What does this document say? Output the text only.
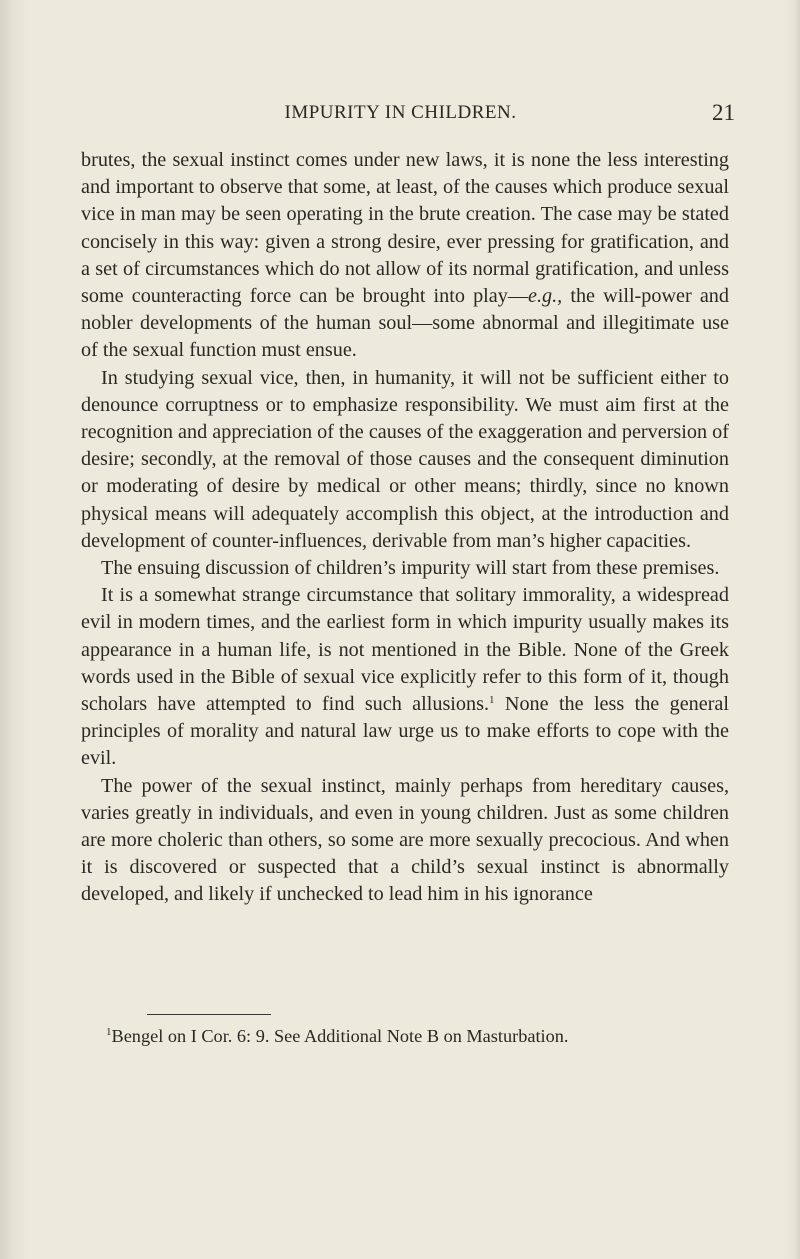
IMPURITY IN CHILDREN.	21

brutes, the sexual instinct comes under new laws, it is none the less interesting and important to observe that some, at least, of the causes which produce sexual vice in man may be seen operating in the brute creation. The case may be stated concisely in this way: given a strong desire, ever pressing for gratification, and a set of circumstances which do not allow of its normal gratification, and unless some counteracting force can be brought into play—e.g., the will-power and nobler developments of the human soul—some abnormal and illegitimate use of the sexual function must ensue.

In studying sexual vice, then, in humanity, it will not be sufficient either to denounce corruptness or to emphasize responsibility. We must aim first at the recognition and appreciation of the causes of the exaggeration and perversion of desire; secondly, at the removal of those causes and the consequent diminution or moderating of desire by medical or other means; thirdly, since no known physical means will adequately accomplish this object, at the introduction and development of counter-influences, derivable from man’s higher capacities.

The ensuing discussion of children’s impurity will start from these premises.

It is a somewhat strange circumstance that solitary immorality, a widespread evil in modern times, and the earliest form in which impurity usually makes its appearance in a human life, is not mentioned in the Bible. None of the Greek words used in the Bible of sexual vice explicitly refer to this form of it, though scholars have attempted to find such allusions.$^1$ None the less the general principles of morality and natural law urge us to make efforts to cope with the evil.

The power of the sexual instinct, mainly perhaps from hereditary causes, varies greatly in individuals, and even in young children. Just as some children are more choleric than others, so some are more sexually precocious. And when it is discovered or suspected that a child’s sexual instinct is abnormally developed, and likely if unchecked to lead him in his ignorance

$^1$Bengel on I Cor. 6: 9. See Additional Note B on Masturbation.
